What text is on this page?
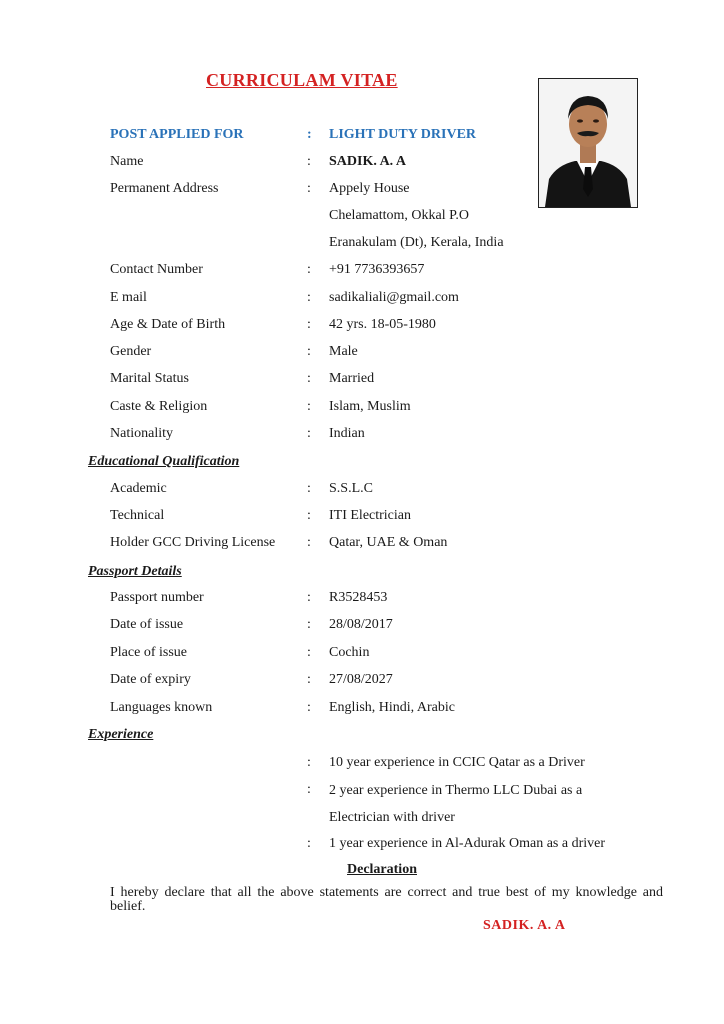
CURRICULAM VITAE
POST APPLIED FOR	: LIGHT DUTY DRIVER
Name	: SADIK. A. A
Permanent Address	: Appely House
Chelamattom, Okkal P.O
Eranakulam (Dt), Kerala, India
Contact Number	: +91 7736393657
E mail	: sadikaliali@gmail.com
Age & Date of Birth	: 42 yrs. 18-05-1980
Gender	: Male
Marital Status	: Married
Caste & Religion	: Islam, Muslim
Nationality	: Indian
Educational Qualification
Academic	: S.S.L.C
Technical	: ITI Electrician
Holder GCC Driving License : Qatar, UAE & Oman
Passport Details
Passport number	: R3528453
Date of issue	: 28/08/2017
Place of issue	: Cochin
Date of expiry	: 27/08/2027
Languages known	: English, Hindi, Arabic
Experience
: 10 year experience in CCIC Qatar as a Driver
: 2 year experience in Thermo LLC Dubai as a Electrician with driver
: 1 year experience in Al-Adurak Oman as a driver
Declaration
I hereby declare that all the above statements are correct and true best of my knowledge and belief.
SADIK. A. A
